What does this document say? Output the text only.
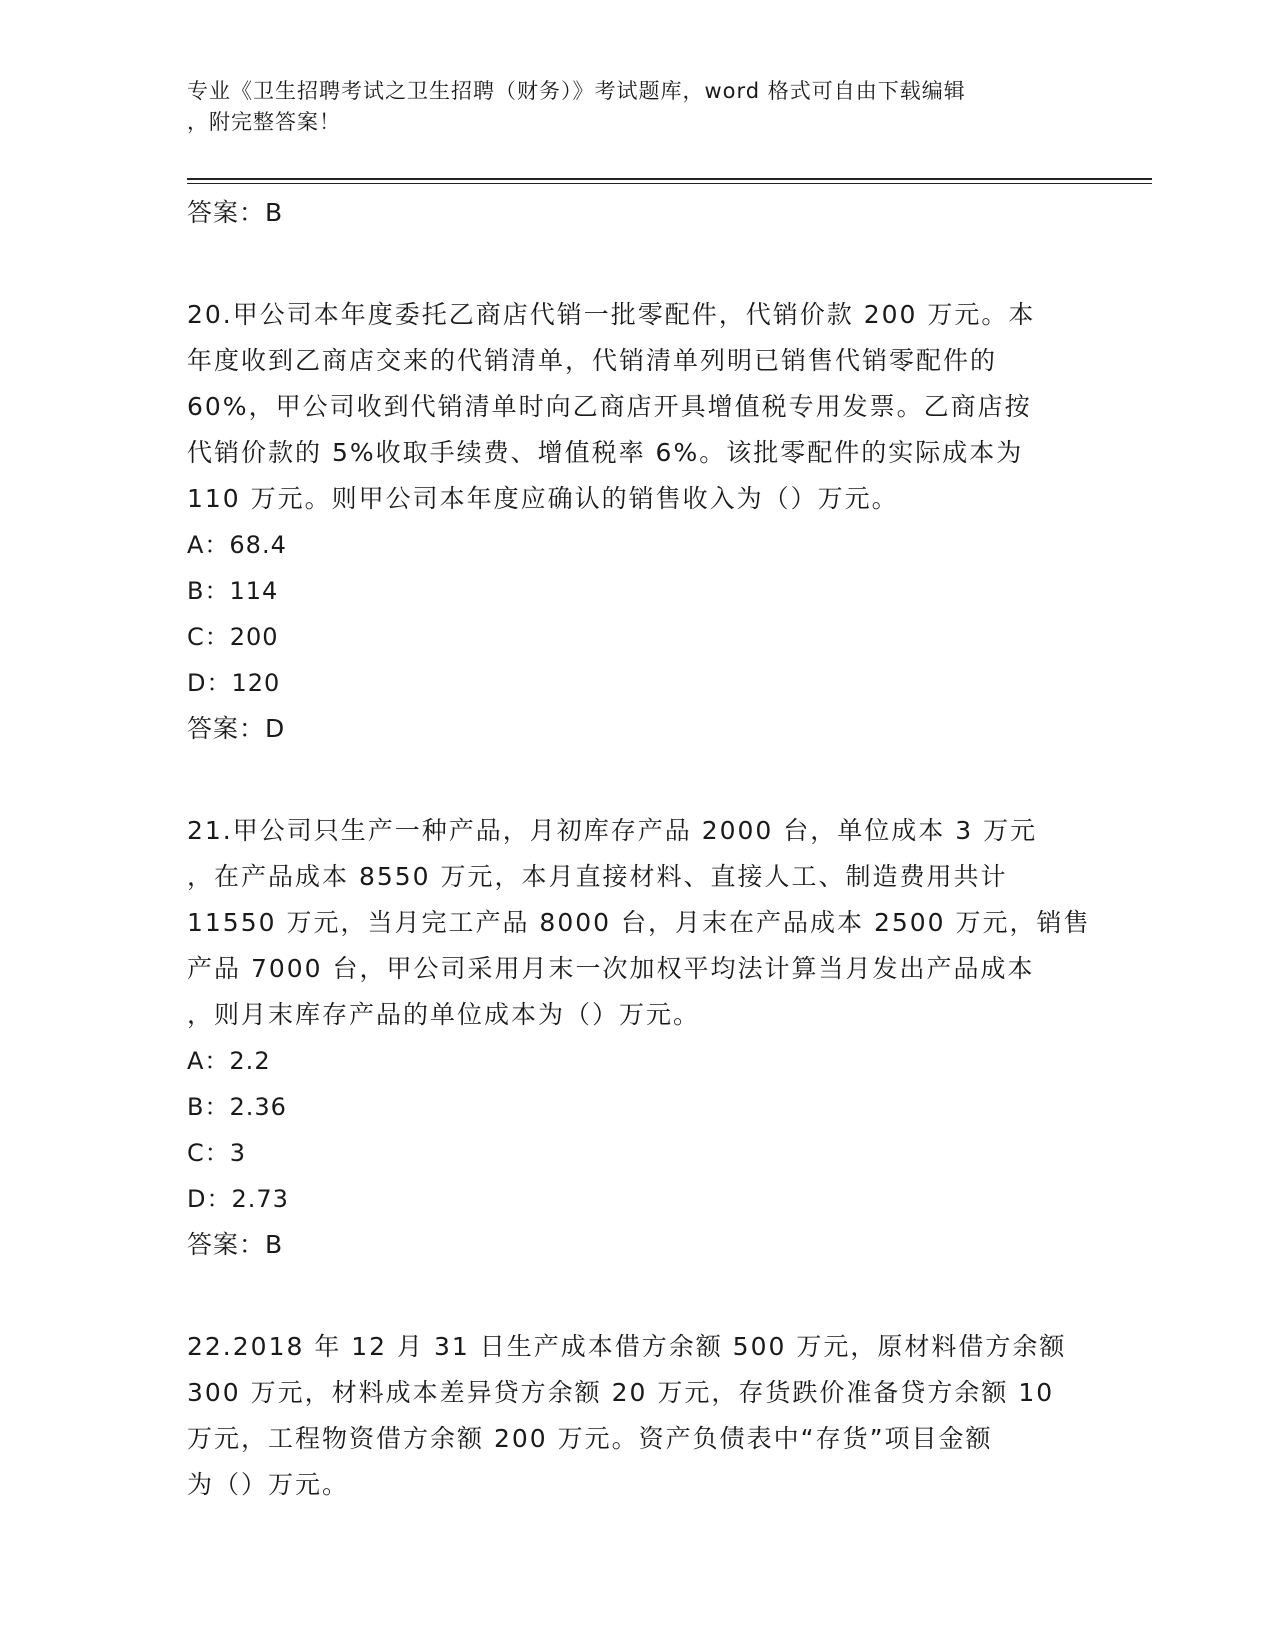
专业《卫生招聘考试之卫生招聘（财务）》考试题库，word 格式可自由下载编辑
，附完整答案！
答案：B
20.甲公司本年度委托乙商店代销一批零配件，代销价款 200 万元。本
年度收到乙商店交来的代销清单，代销清单列明已销售代销零配件的
60%，甲公司收到代销清单时向乙商店开具增值税专用发票。乙商店按
代销价款的 5%收取手续费、增值税率 6%。该批零配件的实际成本为
110 万元。则甲公司本年度应确认的销售收入为（）万元。
A：68.4
B：114
C：200
D：120
答案：D
21.甲公司只生产一种产品，月初库存产品 2000 台，单位成本 3 万元
，在产品成本 8550 万元，本月直接材料、直接人工、制造费用共计
11550 万元，当月完工产品 8000 台，月末在产品成本 2500 万元，销售
产品 7000 台，甲公司采用月末一次加权平均法计算当月发出产品成本
，则月末库存产品的单位成本为（）万元。
A：2.2
B：2.36
C：3
D：2.73
答案：B
22.2018 年 12 月 31 日生产成本借方余额 500 万元，原材料借方余额
300 万元，材料成本差异贷方余额 20 万元，存货跌价准备贷方余额 10
万元，工程物资借方余额 200 万元。资产负债表中“存货”项目金额
为（）万元。
